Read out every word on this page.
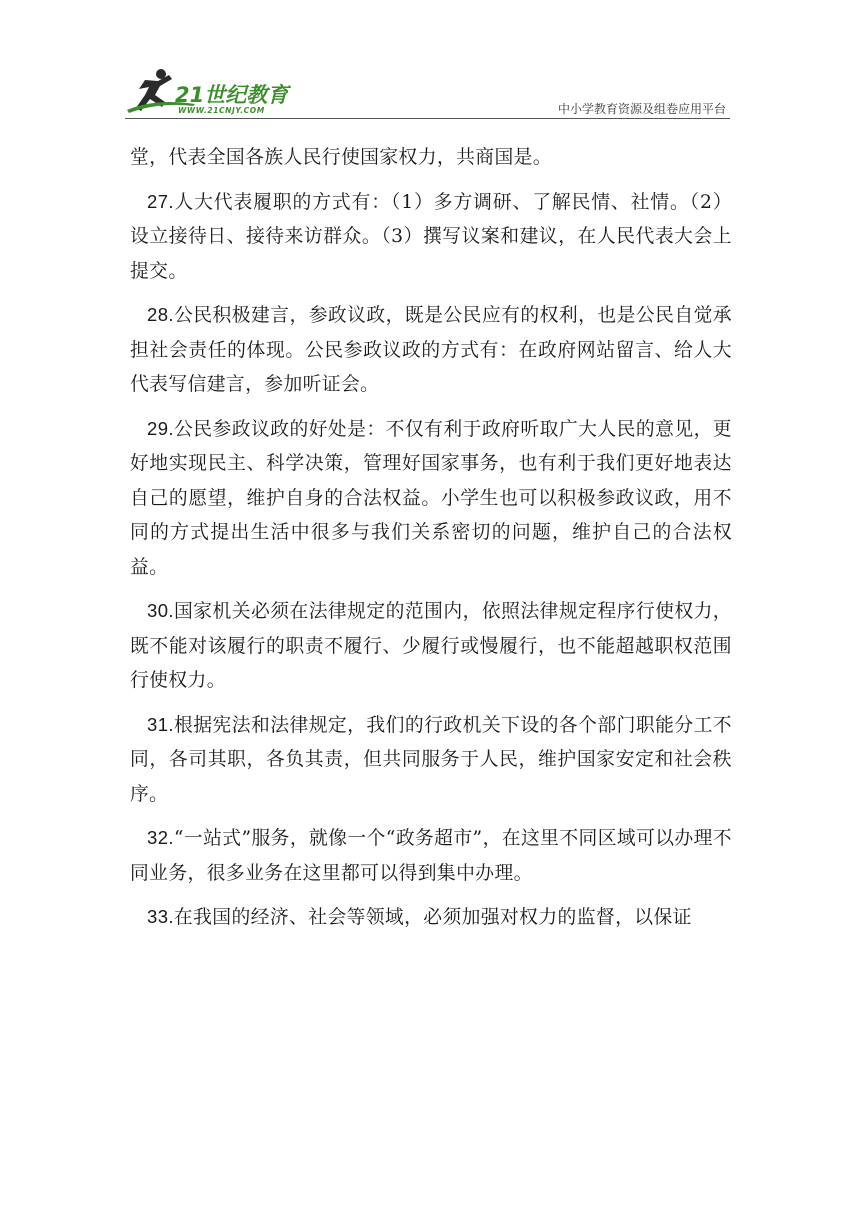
21世纪教育
WWW.21CNJY.COM	中小学教育资源及组卷应用平台

堂，代表全国各族人民行使国家权力，共商国是。

27.人大代表履职的方式有：（1）多方调研、了解民情、社情。（2）设立接待日、接待来访群众。（3）撰写议案和建议，在人民代表大会上提交。

28.公民积极建言，参政议政，既是公民应有的权利，也是公民自觉承担社会责任的体现。公民参政议政的方式有：在政府网站留言、给人大代表写信建言，参加听证会。

29.公民参政议政的好处是：不仅有利于政府听取广大人民的意见，更好地实现民主、科学决策，管理好国家事务，也有利于我们更好地表达自己的愿望，维护自身的合法权益。小学生也可以积极参政议政，用不同的方式提出生活中很多与我们关系密切的问题，维护自己的合法权益。

30.国家机关必须在法律规定的范围内，依照法律规定程序行使权力，既不能对该履行的职责不履行、少履行或慢履行，也不能超越职权范围行使权力。

31.根据宪法和法律规定，我们的行政机关下设的各个部门职能分工不同，各司其职，各负其责，但共同服务于人民，维护国家安定和社会秩序。

32.“一站式”服务，就像一个“政务超市”，在这里不同区域可以办理不同业务，很多业务在这里都可以得到集中办理。

33.在我国的经济、社会等领域，必须加强对权力的监督，以保证
